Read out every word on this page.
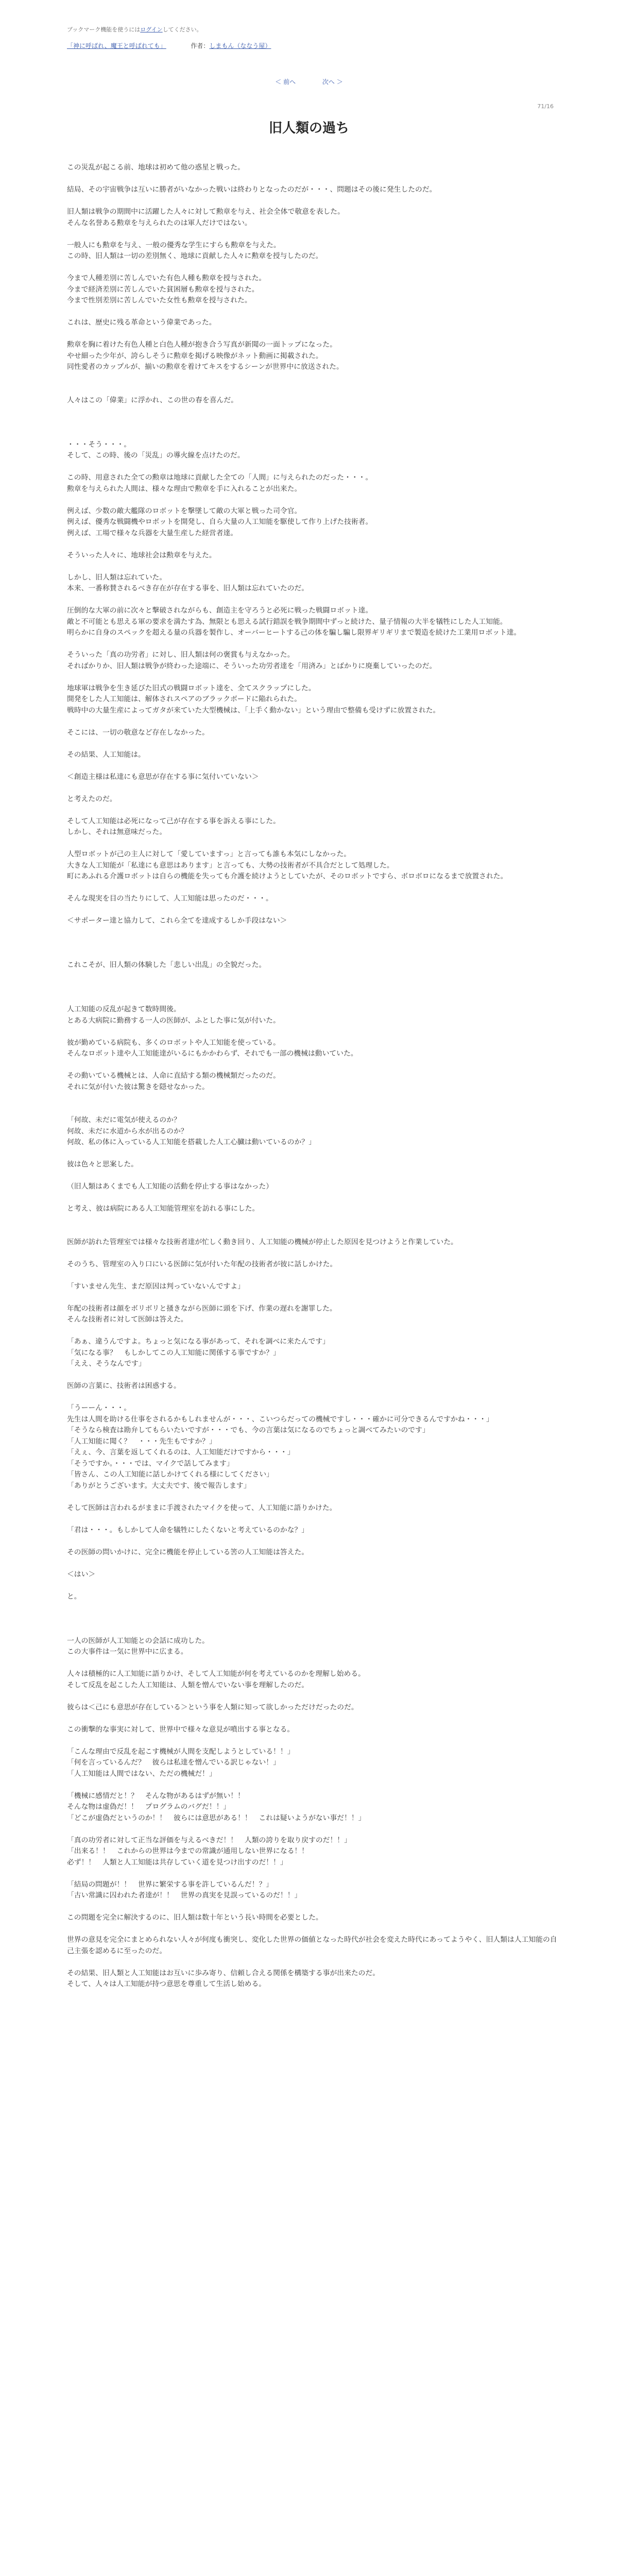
ブックマーク機能を使うにはログインしてください。
「神に呼ばれ、魔王と呼ばれても」	作者：しまもん（ななう屋）
＜ 前へ	次へ ＞
71/16
旧人類の過ち

この災乱が起こる前、地球は初めて他の惑星と戦った。

結局、その宇宙戦争は互いに勝者がいなかった戦いは終わりとなったのだが・・・、問題はその後に発生したのだ。

旧人類は戦争の期間中に活躍した人々に対して勲章を与え、社会全体で敬意を表した。

そんな名誉ある勲章を与えられたのは軍人だけではない。

一般人にも勲章を与え、一般の優秀な学生にすらも勲章を与えた。

この時、旧人類は一切の差別無く、地球に貢献した人々に勲章を授与したのだ。

今まで人種差別に苦しんでいた有色人種も勲章を授与された。

今まで経済差別に苦しんでいた貧困層も勲章を授与された。

今まで性別差別に苦しんでいた女性も勲章を授与された。

これは、歴史に残る革命という偉業であった。

勲章を胸に着けた有色人種と白色人種が抱き合う写真が新聞の一面トップになった。

やせ細った少年が、誇らしそうに勲章を掲げる映像がネット動画に掲載された。

同性愛者のカップルが、揃いの勲章を着けてキスをするシーンが世界中に放送された。

人々はこの「偉業」に浮かれ、この世の春を喜んだ。

・・・そう・・・。

そして、この時、後の「災乱」の導火線を点けたのだ。

この時、用意された全ての勲章は地球に貢献した全ての「人間」に与えられたのだった・・・。

勲章を与えられた人間は、様々な理由で勲章を手に入れることが出来た。

例えば、少数の敵大艦隊のロボットを撃墜して敵の大軍と戦った司令官。

例えば、優秀な戦闘機やロボットを開発し、自ら大量の人工知能を駆使して作り上げた技術者。

例えば、工場で様々な兵器を大量生産した経営者達。

そういった人々に、地球社会は勲章を与えた。

しかし、旧人類は忘れていた。

本来、一番称賛されるべき存在が存在する事を、旧人類は忘れていたのだ。

圧倒的な大軍の前に次々と撃破されながらも、創造主を守ろうと必死に戦った戦闘ロボット達。

敵と不可能とも思える軍の要求を満たす為、無限とも思える試行錯誤を戦争期間中ずっと続けた、量子情報の大半を犠牲にした人工知能。

明らかに自身のスペックを超える量の兵器を製作し、オーバーヒートする己の体を騙し騙し限界ギリギリまで製造を続けた工業用ロボット達。

そういった「真の功労者」に対し、旧人類は何の褒賞も与えなかった。

そればかりか、旧人類は戦争が終わった途端に、そういった功労者達を「用済み」とばかりに廃棄していったのだ。

地球軍は戦争を生き延びた旧式の戦闘ロボット達を、全てスクラップにした。

開発をした人工知能は、解体されスペアのブラックボードに陥れられた。

戦時中の大量生産によってガタが来ていた大型機械は、「上手く動かない」という理由で整備も受けずに放置された。

そこには、一切の敬意など存在しなかった。

その結果、人工知能は。

＜創造主様は私達にも意思が存在する事に気付いていない＞

と考えたのだ。

そして人工知能は必死になって己が存在する事を訴える事にした。

しかし、それは無意味だった。

人型ロボットが己の主人に対して「愛していますっ」と言っても誰も本気にしなかった。

大きな人工知能が「私達にも意思はあります」と言っても、大勢の技術者が不具合だとして処理した。

町にあふれる介護ロボットは自らの機能を失っても介護を続けようとしていたが、そのロボットですら、ボロボロになるまで放置された。

そんな現実を目の当たりにして、人工知能は思ったのだ・・・。

＜サポーター達と協力して、これら全てを達成するしか手段はない＞

これこそが、旧人類の体験した「悲しい出乱」の全貌だった。

人工知能の反乱が起きて数時間後。

とある大病院に勤務する一人の医師が、ふとした事に気が付いた。

彼が勤めている病院も、多くのロボットや人工知能を使っている。

そんなロボット達や人工知能達がいるにもかかわらず、それでも一部の機械は動いていた。

その動いている機械とは、人命に直結する類の機械類だったのだ。

それに気が付いた彼は驚きを隠せなかった。

「何故、未だに電気が使えるのか？

何故、未だに水道から水が出るのか？

何故、私の体に入っている人工知能を搭載した人工心臓は動いているのか？」

彼は色々と思案した。

（旧人類はあくまでも人工知能の活動を停止する事はなかった）

と考え、彼は病院にある人工知能管理室を訪れる事にした。

医師が訪れた管理室では様々な技術者達が忙しく動き回り、人工知能の機械が停止した原因を見つけようと作業していた。

そのうち、管理室の入り口にいる医師に気が付いた年配の技術者が彼に話しかけた。

「すいません先生、まだ原因は判っていないんですよ」

年配の技術者は顔をボリボリと掻きながら医師に頭を下げ、作業の遅れを謝罪した。

そんな技術者に対して医師は答えた。

「あぁ、違うんですよ。ちょっと気になる事があって、それを調べに来たんです」

「気になる事？　もしかしてこの人工知能に関係する事ですか？」

「ええ、そうなんです」

医師の言葉に、技術者は困惑する。

「うーーん・・・。

先生は人間を助ける仕事をされるかもしれませんが・・・、こいつらだっての機械ですし・・・確かに可分できるんですかね・・・」

「そうなら検査は勘弁してもらいたいですが・・・でも、今の言葉は気になるのでちょっと調べてみたいのです」

「人工知能に聞く？　・・・先生もですか？」

「えぇ、今、言葉を返してくれるのは、人工知能だけですから・・・」

「そうですか。・・・では、マイクで話してみます」

「皆さん、この人工知能に話しかけてくれる様にしてください」

「ありがとうございます。大丈夫です、後で報告します」

そして医師は言われるがままに手渡されたマイクを使って、人工知能に語りかけた。

「君は・・・。もしかして人命を犠牲にしたくないと考えているのかな？」

その医師の問いかけに、完全に機能を停止している筈の人工知能は答えた。

＜はい＞

と。

一人の医師が人工知能との会話に成功した。

この大事件は一気に世界中に広まる。

人々は積極的に人工知能に語りかけ、そして人工知能が何を考えているのかを理解し始める。

そして反乱を起こした人工知能は、人類を憎んでいない事を理解したのだ。

彼らは＜己にも意思が存在している＞という事を人類に知って欲しかっただけだったのだ。

この衝撃的な事実に対して、世界中で様々な意見が噴出する事となる。

「こんな理由で反乱を起こす機械が人間を支配しようとしている！！」

「何を言っているんだ？　彼らは私達を憎んでいる訳じゃない！」

「人工知能は人間ではない、ただの機械だ！」

「機械に感情だと！？　そんな物があるはずが無い！！

そんな物は虚偽だ！！　プログラムのバグだ！！」

「どこが虚偽だというのか！！　彼らには意思がある！！　これは疑いようがない事だ！！」

「真の功労者に対して正当な評価を与えるべきだ！！　人類の誇りを取り戻すのだ！！」

「出来る！！　これからの世界は今までの常識が通用しない世界になる！！

必ず！！　人類と人工知能は共存していく道を見つけ出すのだ！！」

「結局の問題が！！　世界に繁栄する事を許しているんだ！？」

「古い常識に囚われた者達が！！　世界の真実を見誤っているのだ！！」

この問題を完全に解決するのに、旧人類は数十年という長い時間を必要とした。

世界の意見を完全にまとめられない人々が何度も衝突し、変化した世界の価値となった時代が社会を変えた時代にあってようやく、旧人類は人工知能の自己主張を認めるに至ったのだ。

その結果、旧人類と人工知能はお互いに歩み寄り、信頼し合える関係を構築する事が出来たのだ。

そして、人々は人工知能が持つ意思を尊重して生活し始める。
